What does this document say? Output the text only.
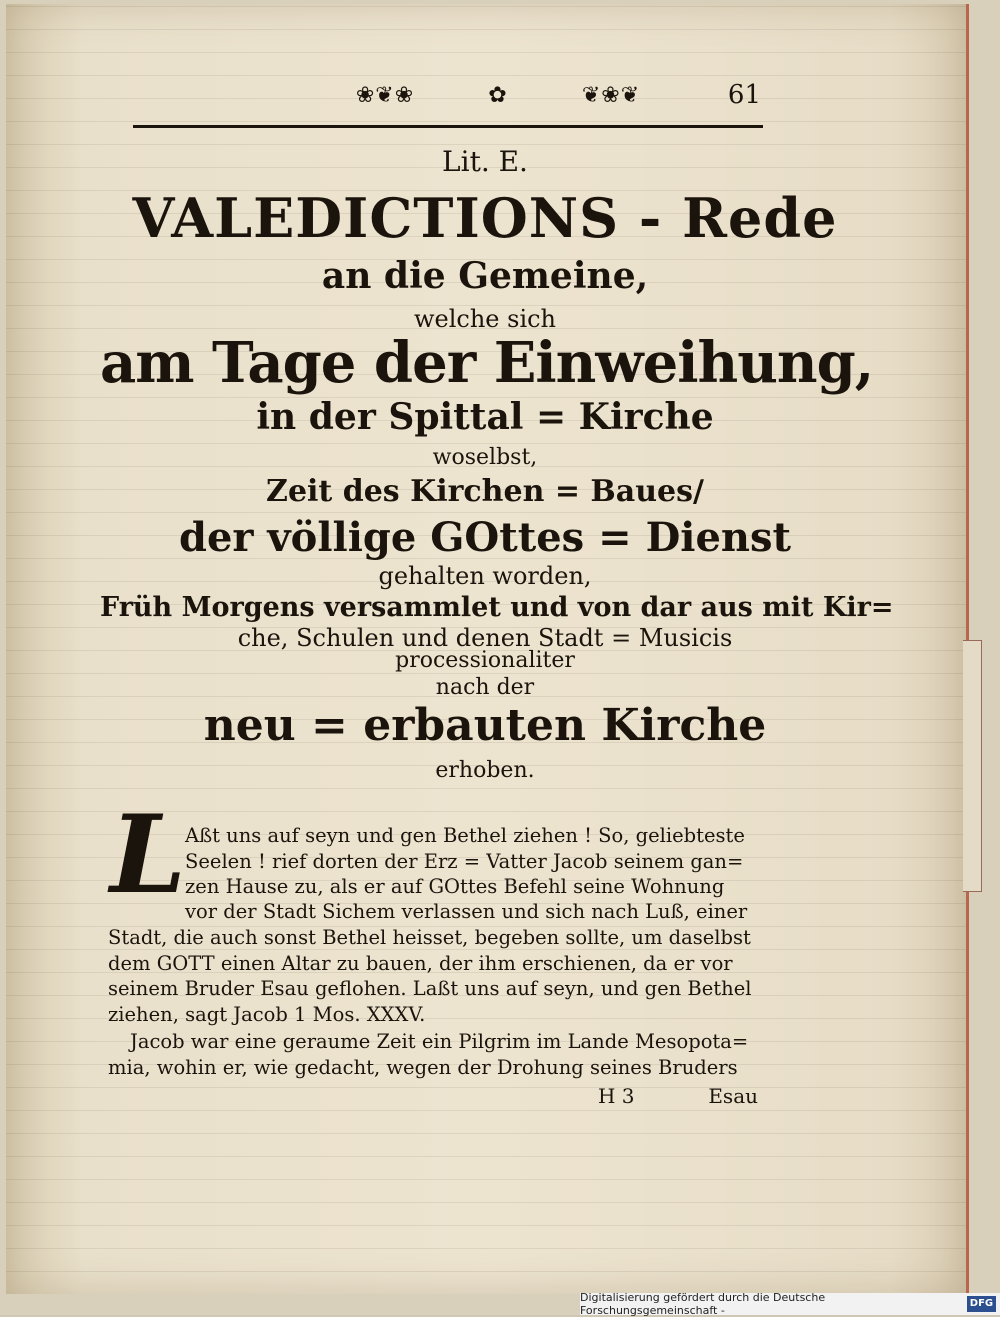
❀❦❀	✿	❦❀❦	61
Lit. E.
VALEDICTIONS - Rede
an die Gemeine,
welche sich
am Tage der Einweihung,
in der Spittal = Kirche
woselbst,
Zeit des Kirchen = Baues/
der völlige GOttes = Dienst
gehalten worden,
Früh Morgens versammlet und von dar aus mit Kir=
che, Schulen und denen Stadt = Musicis
processionaliter
nach der
neu = erbauten Kirche
erhoben.
L Aßt uns auf seyn und gen Bethel ziehen ! So, geliebteste
Seelen ! rief dorten der Erz = Vatter Jacob seinem gan=
zen Hause zu, als er auf GOttes Befehl seine Wohnung
vor der Stadt Sichem verlassen und sich nach Luß, einer
Stadt, die auch sonst Bethel heisset, begeben sollte, um daselbst
dem GOTT einen Altar zu bauen, der ihm erschienen, da er vor
seinem Bruder Esau geflohen. Laßt uns auf seyn, und gen Bethel
ziehen, sagt Jacob 1 Mos. XXXV.
Jacob war eine geraume Zeit ein Pilgrim im Lande Mesopota=
mia, wohin er, wie gedacht, wegen der Drohung seines Bruders
H 3	Esau
Digitalisierung gefördert durch die Deutsche Forschungsgemeinschaft -
DFG
